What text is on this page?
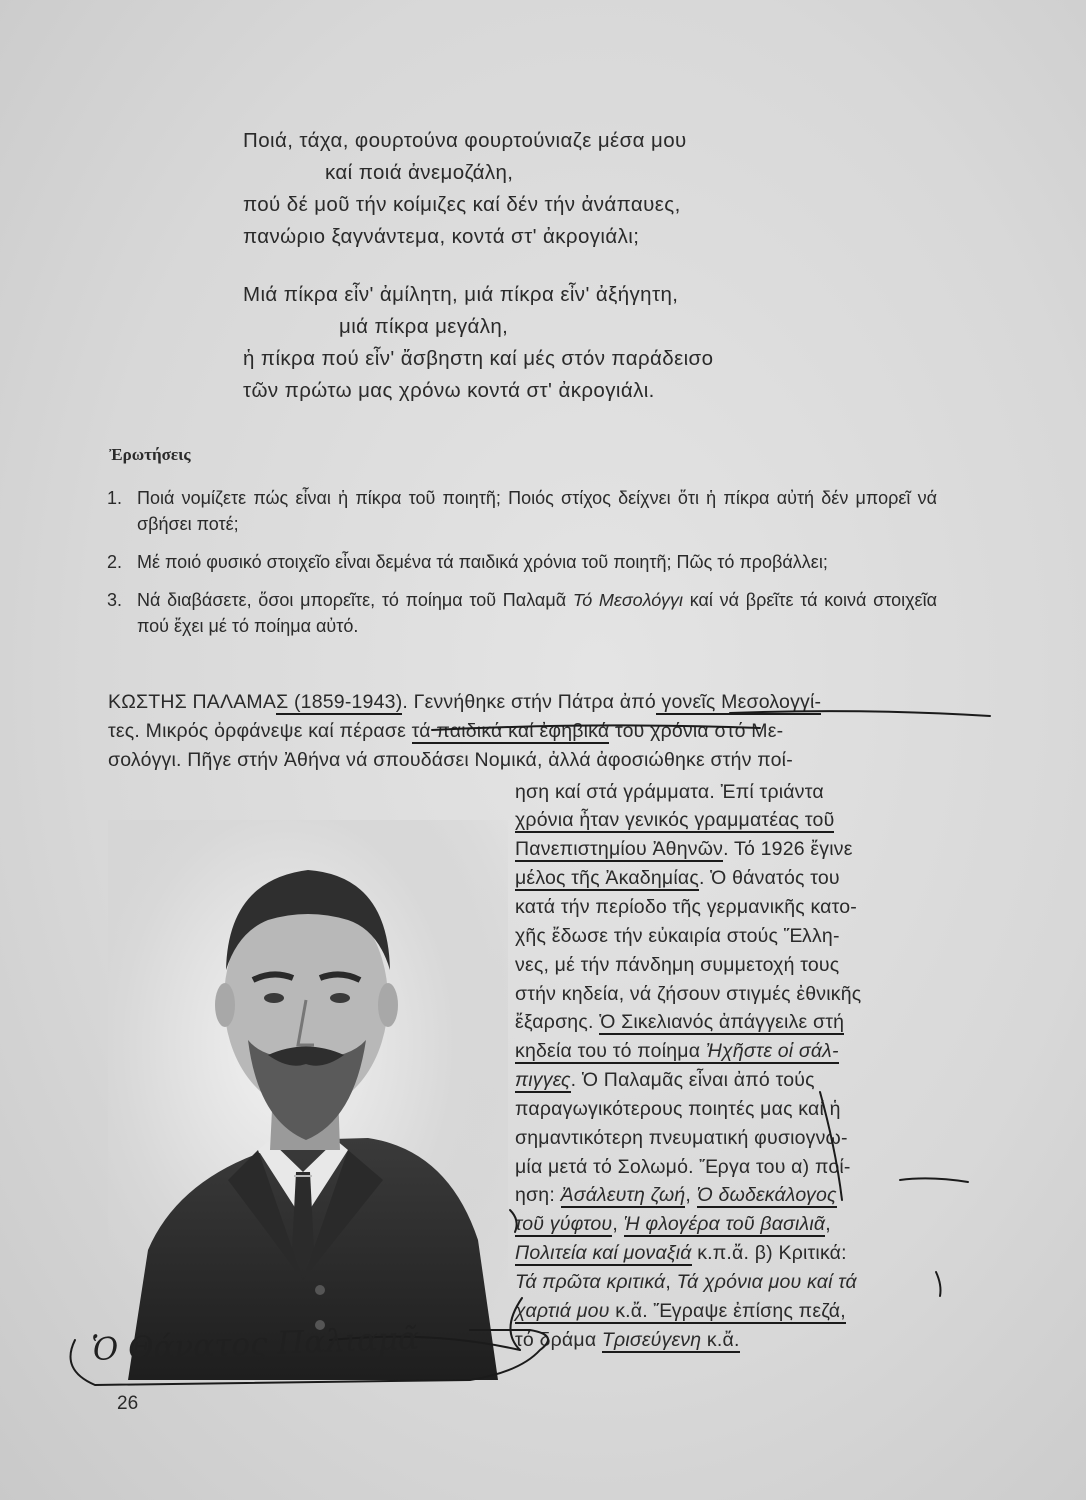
Ποιά, τάχα, φουρτούνα φουρτούνιαζε μέσα μου
καί ποιά ἀνεμοζάλη,
πού δέ μοῦ τήν κοίμιζες καί δέν τήν ἀνάπαυες,
πανώριο ξαγνάντεμα, κοντά στ' ἀκρογιάλι;
Μιά πίκρα εἶν' ἀμίλητη, μιά πίκρα εἶν' ἀξήγητη,
μιά πίκρα μεγάλη,
ἡ πίκρα πού εἶν' ἄσβηστη καί μές στόν παράδεισο
τῶν πρώτω μας χρόνω κοντά στ' ἀκρογιάλι.
Ἐρωτήσεις
1. Ποιά νομίζετε πώς εἶναι ἡ πίκρα τοῦ ποιητῆ; Ποιός στίχος δείχνει ὅτι ἡ πίκρα αὐτή δέν μπορεῖ νά σβήσει ποτέ;
2. Μέ ποιό φυσικό στοιχεῖο εἶναι δεμένα τά παιδικά χρόνια τοῦ ποιητῆ; Πῶς τό προβάλλει;
3. Νά διαβάσετε, ὅσοι μπορεῖτε, τό ποίημα τοῦ Παλαμᾶ Τό Μεσολόγγι καί νά βρεῖτε τά κοινά στοιχεῖα πού ἔχει μέ τό ποίημα αὐτό.
ΚΩΣΤΗΣ ΠΑΛΑΜΑΣ (1859-1943). Γεννήθηκε στήν Πάτρα ἀπό γονεῖς Μεσολογγί-
τες. Μικρός ὀρφάνεψε καί πέρασε τά παιδικά καί ἐφηβικά του χρόνια στό Με-
σολόγγι. Πῆγε στήν Ἀθήνα νά σπουδάσει Νομικά, ἀλλά ἀφοσιώθηκε στήν ποί-
ηση καί στά γράμματα. Ἐπί τριάντα
χρόνια ἦταν γενικός γραμματέας τοῦ
Πανεπιστημίου Ἀθηνῶν. Τό 1926 ἔγινε
μέλος τῆς Ἀκαδημίας. Ὁ θάνατός του
κατά τήν περίοδο τῆς γερμανικῆς κατο-
χῆς ἔδωσε τήν εὐκαιρία στούς Ἕλλη-
νες, μέ τήν πάνδημη συμμετοχή τους
στήν κηδεία, νά ζήσουν στιγμές ἐθνικῆς
ἔξαρσης. Ὁ Σικελιανός ἀπάγγειλε στή
κηδεία του τό ποίημα Ἠχῆστε οἱ σάλ-
πιγγες. Ὁ Παλαμᾶς εἶναι ἀπό τούς
παραγωγικότερους ποιητές μας καί ἡ
σημαντικότερη πνευματική φυσιογνω-
μία μετά τό Σολωμό. Ἔργα του α) ποί-
ηση: Ἀσάλευτη ζωή, Ὁ δωδεκάλογος
τοῦ γύφτου, Ἡ φλογέρα τοῦ βασιλιᾶ,
Πολιτεία καί μοναξιά κ.π.ἄ. β) Κριτικά:
Τά πρῶτα κριτικά, Τά χρόνια μου καί τά
χαρτιά μου κ.ἄ. Ἔγραψε ἐπίσης πεζά,
τό δράμα Τρισεύγενη κ.ἄ.
Ὁ Θάνατος Παλιαμᾶ
26
